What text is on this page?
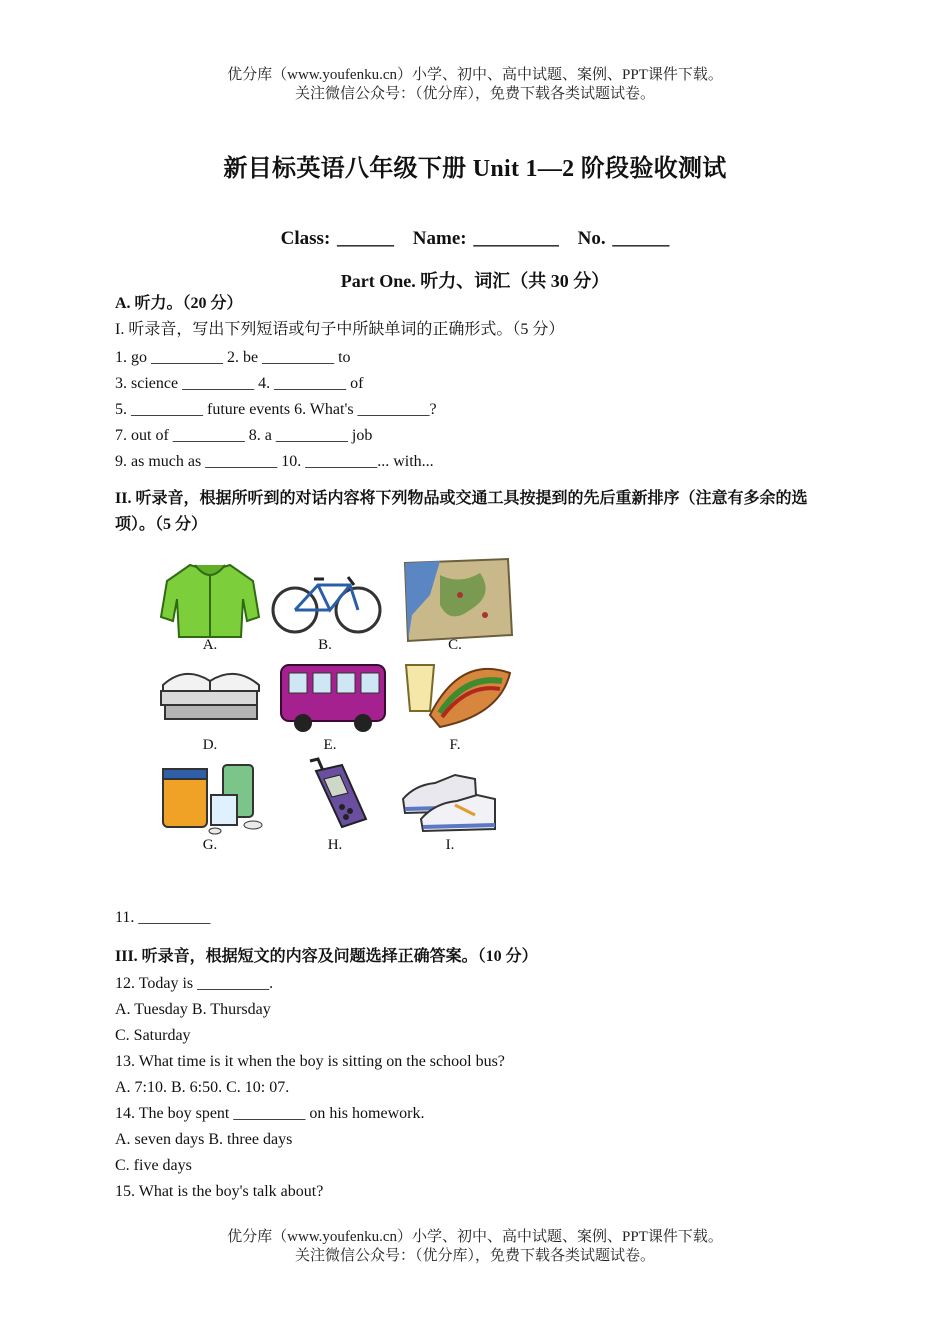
优分库（www.youfenku.cn）小学、初中、高中试题、案例、PPT课件下载。
关注微信公众号：（优分库），免费下载各类试题试卷。
新目标英语八年级下册 Unit 1—2 阶段验收测试
Class: ______ Name: _________ No. ______
Part One. 听力、词汇（共 30 分）
A. 听力。（20 分）
I. 听录音，写出下列短语或句子中所缺单词的正确形式。（5 分）
1. go _________ 2. be _________ to
3. science _________ 4. _________ of
5. _________ future events 6. What's _________?
7. out of _________ 8. a _________ job
9. as much as _________ 10. _________... with...
II. 听录音，根据所听到的对话内容将下列物品或交通工具按提到的先后重新排序（注意有多余的选项）。（5 分）
A.	B.	C.
D.	E.	F.
G.	H.	I.
11. _________
III. 听录音，根据短文的内容及问题选择正确答案。（10 分）
12. Today is _________.
A. Tuesday B. Thursday
C. Saturday
13. What time is it when the boy is sitting on the school bus?
A. 7:10. B. 6:50. C. 10: 07.
14. The boy spent _________ on his homework.
A. seven days B. three days
C. five days
15. What is the boy's talk about?
优分库（www.youfenku.cn）小学、初中、高中试题、案例、PPT课件下载。
关注微信公众号：（优分库），免费下载各类试题试卷。
